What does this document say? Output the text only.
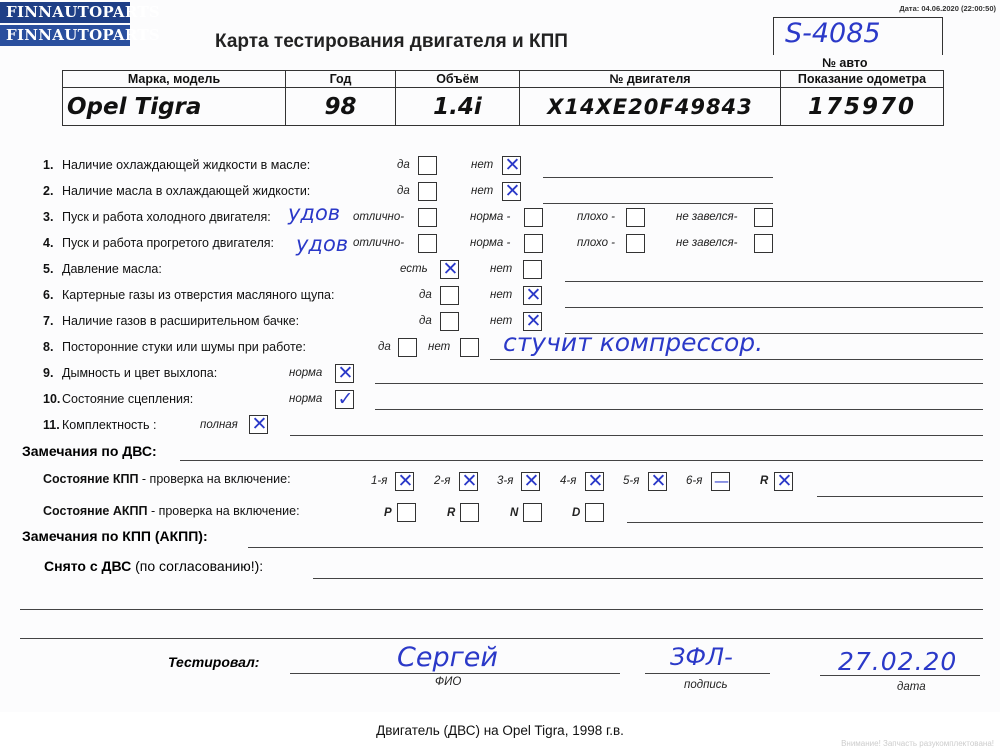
FINNAUTOPARTS
FINNAUTOPARTS
Дата: 04.06.2020 (22:00:50)
Карта тестирования двигателя и КПП	S-4085
№ авто
Марка, модель	Год	Объём	№ двигателя	Показание одометра
Opel Tigra	98	1.4i	X14XE20F49843	175970
1. Наличие охлаждающей жидкости в масле:	да	нет ✕
2. Наличие масла в охлаждающей жидкости:	да	нет ✕
3. Пуск и работа холодного двигателя: удов отлично-	норма -	плохо -	не завелся-
4. Пуск и работа прогретого двигателя: удов отлично-	норма -	плохо -	не завелся-
5. Давление масла:	есть ✕	нет
6. Картерные газы из отверстия масляного щупа:	да	нет ✕
7. Наличие газов в расширительном бачке:	да	нет ✕
8. Посторонние стуки или шумы при работе:	да	нет стучит компрессор.
9. Дымность и цвет выхлопа:	норма ✕
10. Состояние сцепления:	норма ✓
11. Комплектность :	полная ✕
Замечания по ДВС:
Состояние КПП - проверка на включение:	1-я ✕ 2-я ✕ 3-я ✕ 4-я ✕ 5-я ✕ 6-я —	R ✕
Состояние АКПП - проверка на включение:	P	R	N	D
Замечания по КПП (АКПП):
Снято с ДВС (по согласованию!):
Тестировал:	Сергей
ФИО
ЗФЛ-
подпись
27.02.20
дата
Двигатель (ДВС) на Opel Tigra, 1998 г.в.
Внимание! Запчасть разукомплектована!
